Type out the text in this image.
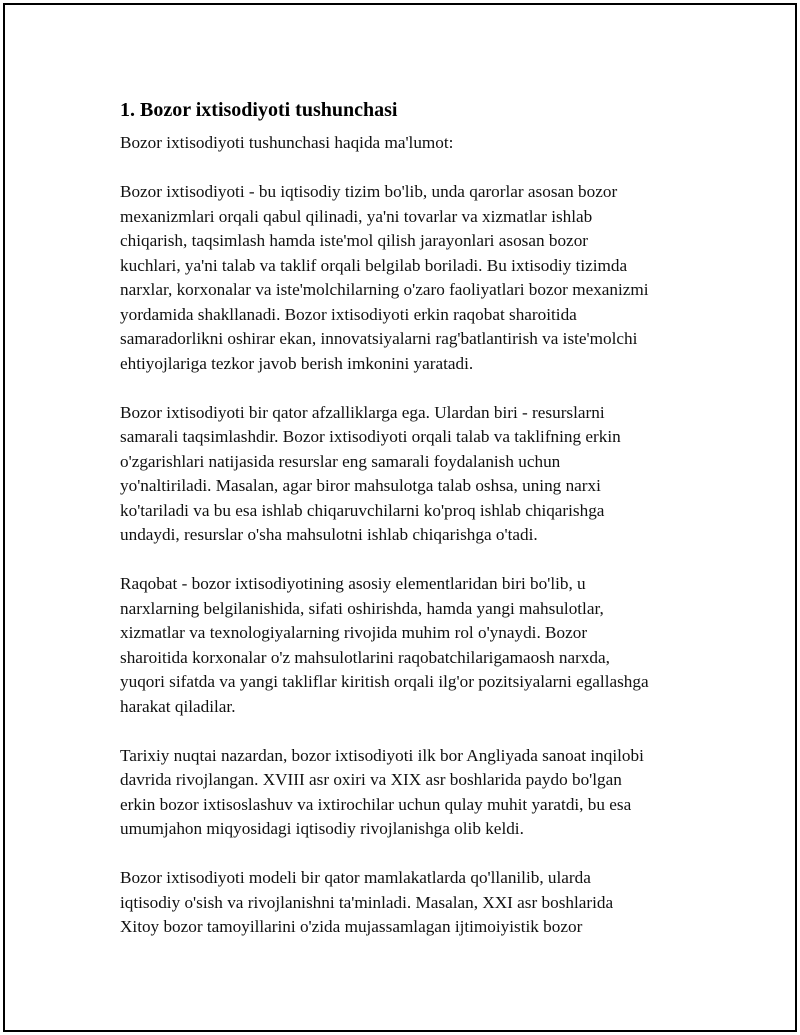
1. Bozor ixtisodiyoti tushunchasi

Bozor ixtisodiyoti tushunchasi haqida ma'lumot:

Bozor ixtisodiyoti - bu iqtisodiy tizim bo'lib, unda qarorlar asosan bozor
mexanizmlari orqali qabul qilinadi, ya'ni tovarlar va xizmatlar ishlab
chiqarish, taqsimlash hamda iste'mol qilish jarayonlari asosan bozor
kuchlari, ya'ni talab va taklif orqali belgilab boriladi. Bu ixtisodiy tizimda
narxlar, korxonalar va iste'molchilarning o'zaro faoliyatlari bozor mexanizmi
yordamida shakllanadi. Bozor ixtisodiyoti erkin raqobat sharoitida
samaradorlikni oshirar ekan, innovatsiyalarni rag'batlantirish va iste'molchi
ehtiyojlariga tezkor javob berish imkonini yaratadi.

Bozor ixtisodiyoti bir qator afzalliklarga ega. Ulardan biri - resurslarni
samarali taqsimlashdir. Bozor ixtisodiyoti orqali talab va taklifning erkin
o'zgarishlari natijasida resurslar eng samarali foydalanish uchun
yo'naltiriladi. Masalan, agar biror mahsulotga talab oshsa, uning narxi
ko'tariladi va bu esa ishlab chiqaruvchilarni ko'proq ishlab chiqarishga
undaydi, resurslar o'sha mahsulotni ishlab chiqarishga o'tadi.

Raqobat - bozor ixtisodiyotining asosiy elementlaridan biri bo'lib, u
narxlarning belgilanishida, sifati oshirishda, hamda yangi mahsulotlar,
xizmatlar va texnologiyalarning rivojida muhim rol o'ynaydi. Bozor
sharoitida korxonalar o'z mahsulotlarini raqobatchilarigamaosh narxda,
yuqori sifatda va yangi takliflar kiritish orqali ilg'or pozitsiyalarni egallashga
harakat qiladilar.

Tarixiy nuqtai nazardan, bozor ixtisodiyoti ilk bor Angliyada sanoat inqilobi
davrida rivojlangan. XVIII asr oxiri va XIX asr boshlarida paydo bo'lgan
erkin bozor ixtisoslashuv va ixtirochilar uchun qulay muhit yaratdi, bu esa
umumjahon miqyosidagi iqtisodiy rivojlanishga olib keldi.

Bozor ixtisodiyoti modeli bir qator mamlakatlarda qo'llanilib, ularda
iqtisodiy o'sish va rivojlanishni ta'minladi. Masalan, XXI asr boshlarida
Xitoy bozor tamoyillarini o'zida mujassamlagan ijtimoiyistik bozor
